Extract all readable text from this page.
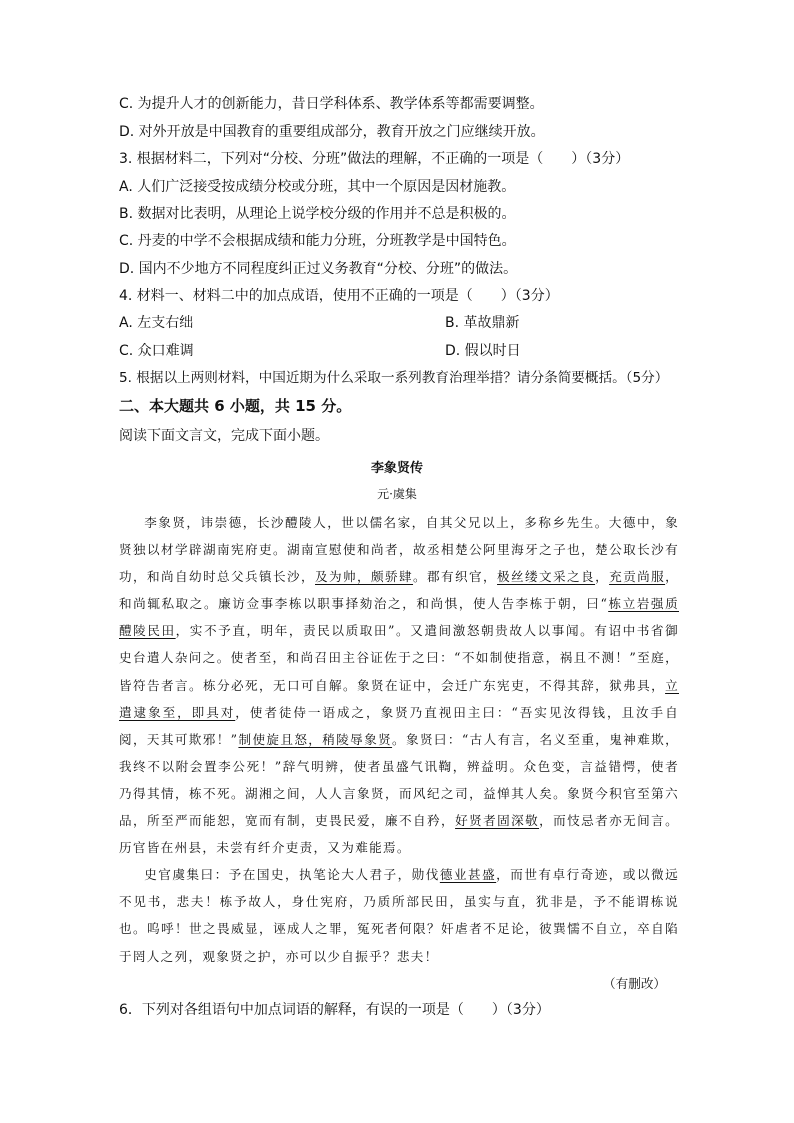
C. 为提升人才的创新能力，昔日学科体系、教学体系等都需要调整。
D. 对外开放是中国教育的重要组成部分，教育开放之门应继续开放。
3. 根据材料二，下列对“分校、分班”做法的理解，不正确的一项是（　　）（3分）
A. 人们广泛接受按成绩分校或分班，其中一个原因是因材施教。
B. 数据对比表明，从理论上说学校分级的作用并不总是积极的。
C. 丹麦的中学不会根据成绩和能力分班，分班教学是中国特色。
D. 国内不少地方不同程度纠正过义务教育“分校、分班”的做法。
4. 材料一、材料二中的加点成语，使用不正确的一项是（　　）（3分）
A. 左支右绌	B. 革故鼎新
C. 众口难调	D. 假以时日
5. 根据以上两则材料，中国近期为什么采取一系列教育治理举措？请分条简要概括。（5分）
二、本大题共 6 小题，共 15 分。
阅读下面文言文，完成下面小题。
李象贤传
元·虞集

李象贤，讳崇德，长沙醴陵人，世以儒名家，自其父兄以上，多称乡先生。大德中，象贤独以材学辟湖南宪府吏。湖南宣慰使和尚者，故丞相楚公阿里海牙之子也，楚公取长沙有功，和尚自幼时总父兵镇长沙，及为帅，颇骄肆。郡有织官，极丝缕文采之良，充贡尚服，和尚辄私取之。廉访佥事李栋以职事择劾治之，和尚惧，使人告李栋于朝，曰“栋立岩强质醴陵民田，实不予直，明年，责民以质取田”。又遣间激怒朝贵故人以事闻。有诏中书省御史台遣人杂问之。使者至，和尚召田主谷证佐于之曰：“不如制使指意，祸且不测！”至庭，皆符告者言。栋分必死，无口可自解。象贤在证中，会迁广东宪吏，不得其辞，狱弗具，立遣逮象至，即具对，使者徒侍一语成之，象贤乃直视田主曰：“吾实见汝得钱，且汝手自阅，天其可欺邪！”制使旋且怒，稍陵辱象贤。象贤曰：“古人有言，名义至重，鬼神难欺，我终不以附会置李公死！”辞气明辨，使者虽盛气讯鞫，辨益明。众色变，言益错愕，使者乃得其情，栋不死。湖湘之间，人人言象贤，而风纪之司，益惮其人矣。象贤今积官至第六品，所至严而能恕，宽而有制，吏畏民爱，廉不自矜，好贤者固深敬，而忮忌者亦无间言。历官皆在州县，未尝有纤介吏责，又为难能焉。

史官虞集曰：予在国史，执笔论大人君子，勋伐德业甚盛，而世有卓行奇迹，或以微远不见书，悲夫！栋予故人，身仕宪府，乃质所部民田，虽实与直，犹非是，予不能谓栋说也。呜呼！世之畏威显，诬成人之罪，冤死者何限？奸虐者不足论，彼巽懦不自立，卒自陷于罔人之列，观象贤之护，亦可以少自振乎？悲夫！

（有删改）
6．下列对各组语句中加点词语的解释，有误的一项是（　　）（3分）
